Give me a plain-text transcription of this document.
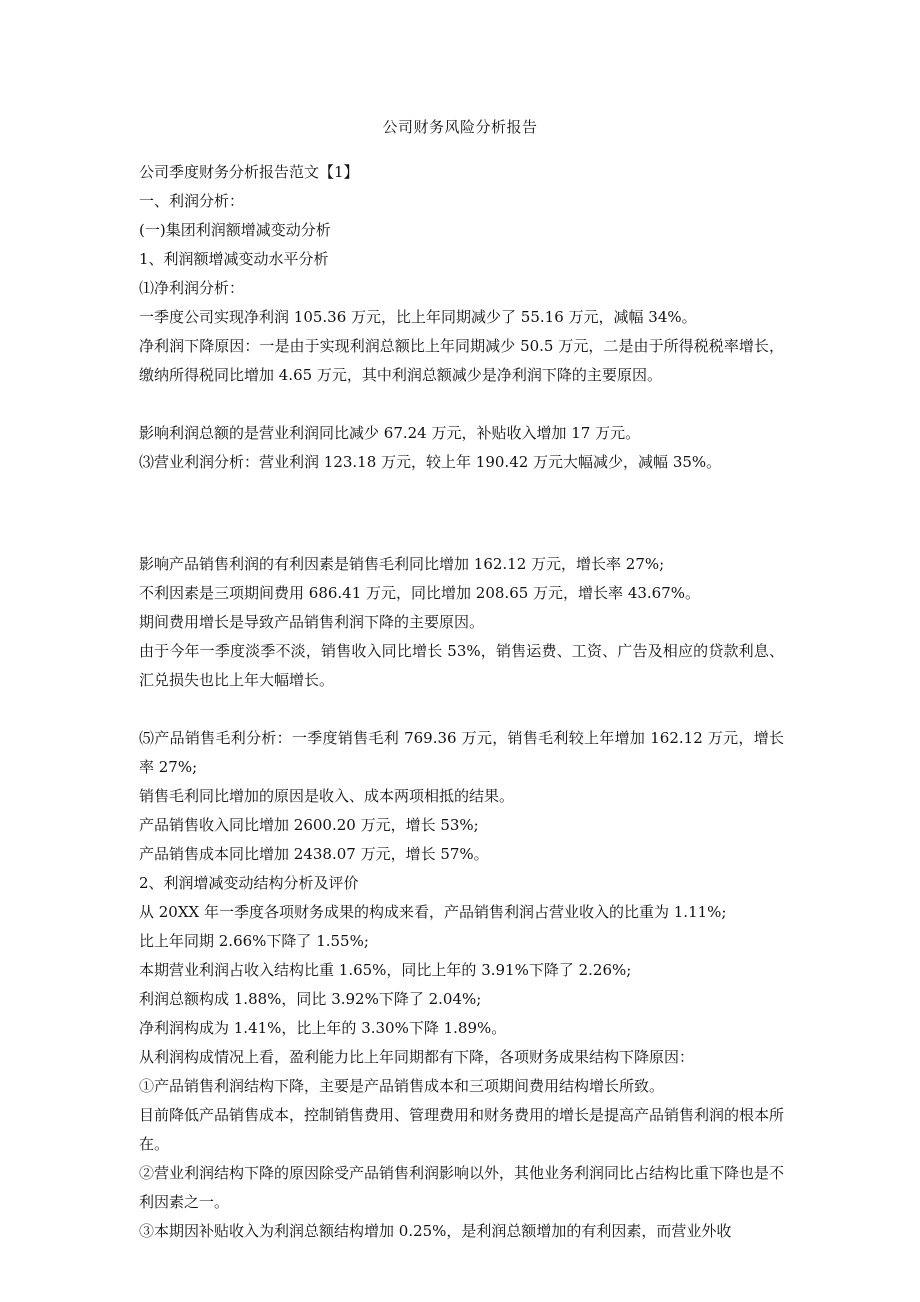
公司财务风险分析报告

公司季度财务分析报告范文【1】

一、利润分析：

(一)集团利润额增减变动分析

1、利润额增减变动水平分析

⑴净利润分析：

一季度公司实现净利润 105.36 万元，比上年同期减少了 55.16 万元，减幅 34%。

净利润下降原因：一是由于实现利润总额比上年同期减少 50.5 万元，二是由于所得税税率增长，缴纳所得税同比增加 4.65 万元，其中利润总额减少是净利润下降的主要原因。

影响利润总额的是营业利润同比减少 67.24 万元，补贴收入增加 17 万元。

⑶营业利润分析：营业利润 123.18 万元，较上年 190.42 万元大幅减少，减幅 35%。

影响产品销售利润的有利因素是销售毛利同比增加 162.12 万元，增长率 27%;

不利因素是三项期间费用 686.41 万元，同比增加 208.65 万元，增长率 43.67%。

期间费用增长是导致产品销售利润下降的主要原因。

由于今年一季度淡季不淡，销售收入同比增长 53%，销售运费、工资、广告及相应的贷款利息、汇兑损失也比上年大幅增长。

⑸产品销售毛利分析：一季度销售毛利 769.36 万元，销售毛利较上年增加 162.12 万元，增长率 27%;

销售毛利同比增加的原因是收入、成本两项相抵的结果。

产品销售收入同比增加 2600.20 万元，增长 53%;

产品销售成本同比增加 2438.07 万元，增长 57%。

2、利润增减变动结构分析及评价

从 20XX 年一季度各项财务成果的构成来看，产品销售利润占营业收入的比重为 1.11%;

比上年同期 2.66%下降了 1.55%;

本期营业利润占收入结构比重 1.65%，同比上年的 3.91%下降了 2.26%;

利润总额构成 1.88%，同比 3.92%下降了 2.04%;

净利润构成为 1.41%，比上年的 3.30%下降 1.89%。

从利润构成情况上看，盈利能力比上年同期都有下降，各项财务成果结构下降原因：

①产品销售利润结构下降，主要是产品销售成本和三项期间费用结构增长所致。

目前降低产品销售成本，控制销售费用、管理费用和财务费用的增长是提高产品销售利润的根本所在。

②营业利润结构下降的原因除受产品销售利润影响以外，其他业务利润同比占结构比重下降也是不利因素之一。

③本期因补贴收入为利润总额结构增加 0.25%，是利润总额增加的有利因素，而营业外收
